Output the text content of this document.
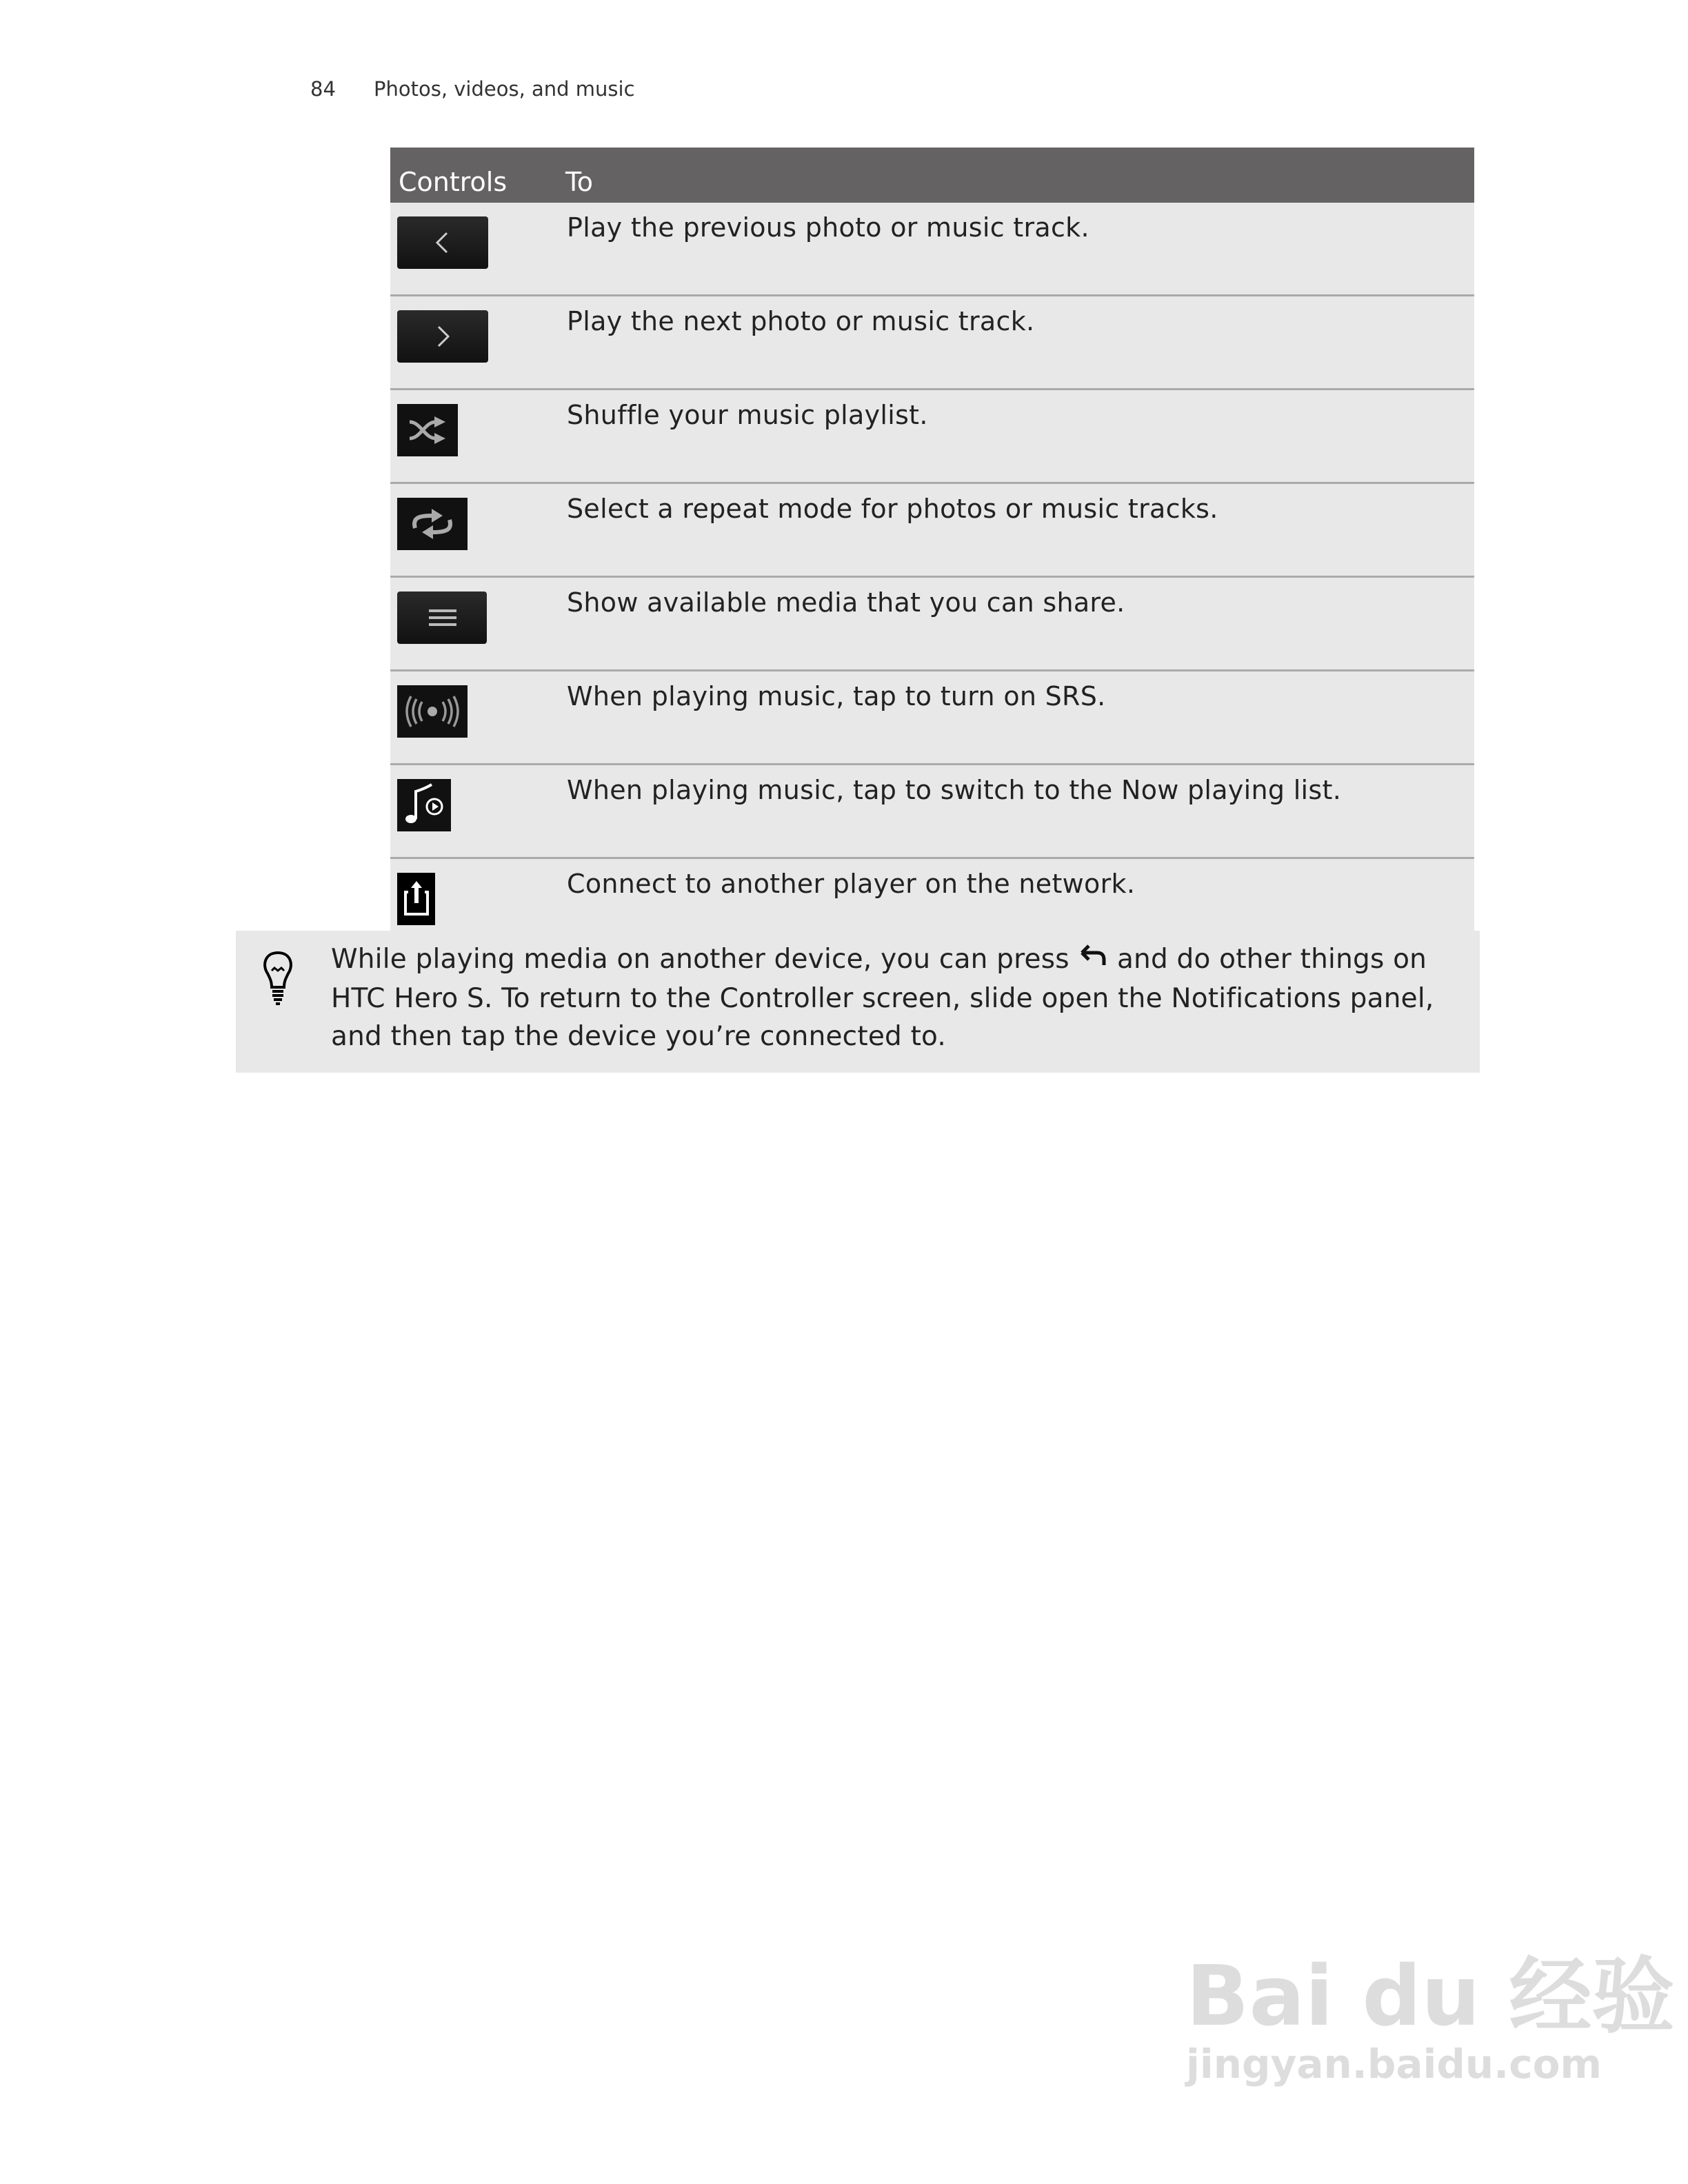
84 Photos, videos, and music
Controls	To

	Play the previous photo or music track.

	Play the next photo or music track.

	Shuffle your music playlist.

	Select a repeat mode for photos or music tracks.

	Show available media that you can share.

	When playing music, tap to turn on SRS.

	When playing music, tap to switch to the Now playing list.

	Connect to another player on the network.

While playing media on another device, you can press  and do other things on HTC Hero S. To return to the Controller screen, slide open the Notifications panel, and then tap the device you’re connected to.

Bai du 经验
jingyan.baidu.com
